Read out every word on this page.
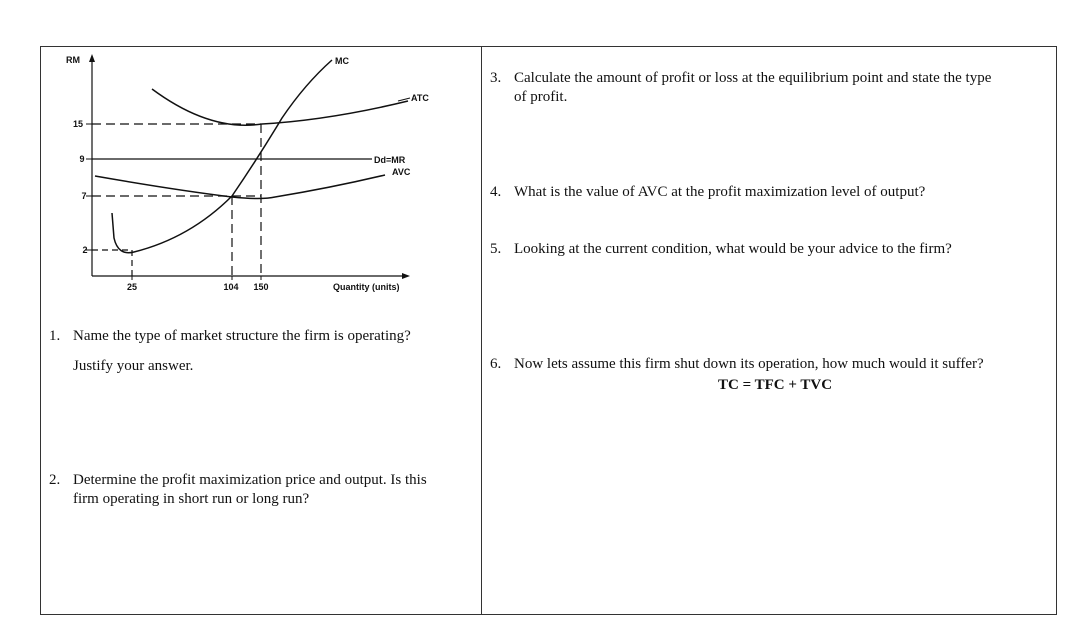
RM	MC
ATC
Dd=MR
AVC
Quantity (units)
15
9
7
2
25	104 150
1. Name the type of market structure the firm is operating?
Justify your answer.
2. Determine the profit maximization price and output. Is this
firm operating in short run or long run?
3. Calculate the amount of profit or loss at the equilibrium point and state the type
of profit.
4. What is the value of AVC at the profit maximization level of output?
5. Looking at the current condition, what would be your advice to the firm?
6. Now lets assume this firm shut down its operation, how much would it suffer?
TC = TFC + TVC
